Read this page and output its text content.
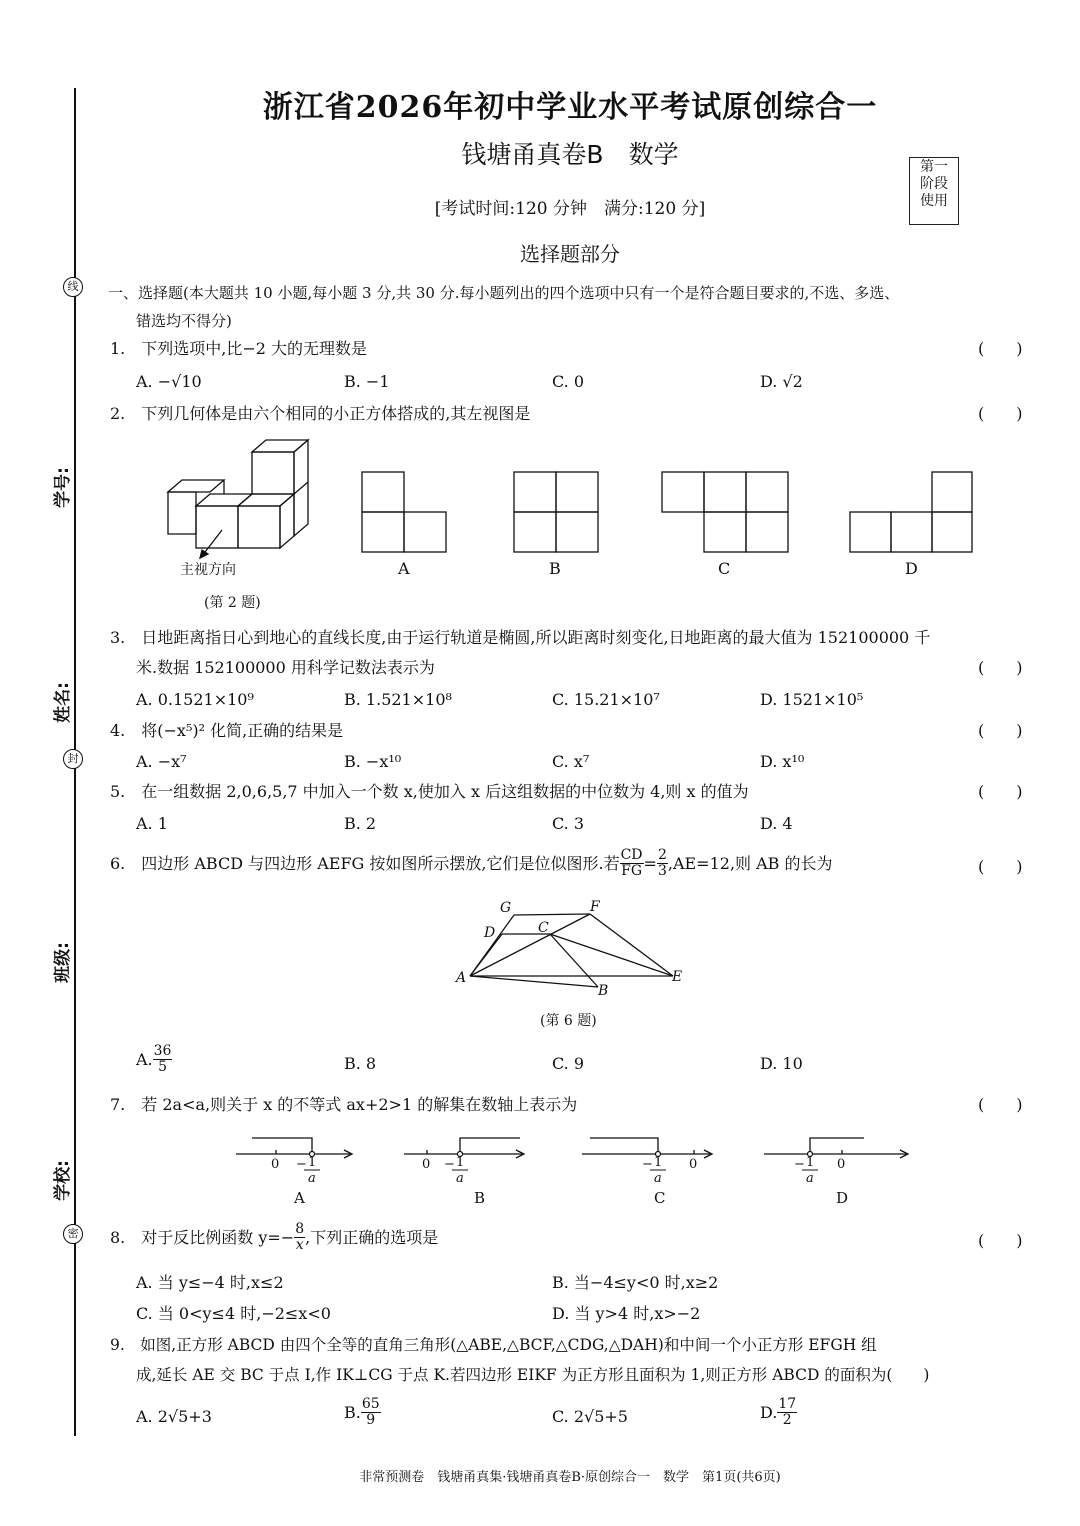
线
封
密
学号:
姓名:
班级:
学校:
浙江省2026年初中学业水平考试原创综合一
钱塘甬真卷B　数学
[考试时间:120 分钟　满分:120 分]
第一
阶段
使用
选择题部分
一、选择题(本大题共 10 小题,每小题 3 分,共 30 分.每小题列出的四个选项中只有一个是符合题目要求的,不选、多选、
错选均不得分)
1.　下列选项中,比−2 大的无理数是	(　　)
A. −√10	B. −1	C. 0	D. √2
2.　下列几何体是由六个相同的小正方体搭成的,其左视图是	(　　)
主视方向
(第 2 题)
A	B	C	D
3.　日地距离指日心到地心的直线长度,由于运行轨道是椭圆,所以距离时刻变化,日地距离的最大值为 152100000 千
米.数据 152100000 用科学记数法表示为	(　　)
A. 0.1521×10⁹	B. 1.521×10⁸	C. 15.21×10⁷	D. 1521×10⁵
4.　将(−x⁵)² 化简,正确的结果是	(　　)
A. −x⁷	B. −x¹⁰	C. x⁷	D. x¹⁰
5.　在一组数据 2,0,6,5,7 中加入一个数 x,使加入 x 后这组数据的中位数为 4,则 x 的值为	(　　)
A. 1	B. 2	C. 3	D. 4
6.　四边形 ABCD 与四边形 AEFG 按如图所示摆放,它们是位似图形.若 $\frac{CD}{FG} = \frac{2}{3} ,AE=12$,则 AB 的长为	(　　)
G	F
D	C
A
B
E
(第 6 题)
A. $\frac{36}{5}$	B. 8	C. 9	D. 10
7.　若 2a<a,则关于 x 的不等式 ax+2>1 的解集在数轴上表示为	(　　)
0 − 1
a
0 − 1
a
− 1
a
0	− 1
a
0
A	B	C	D
8.　对于反比例函数 $y=- \frac{8}{x}$ ,下列正确的选项是	(　　)
A. 当 y≤−4 时,x≤2	B. 当−4≤y<0 时,x≥2
C. 当 0<y≤4 时,−2≤x<0	D. 当 y>4 时,x>−2
9.　如图,正方形 ABCD 由四个全等的直角三角形(△ABE,△BCF,△CDG,△DAH)和中间一个小正方形 EFGH 组
成,延长 AE 交 BC 于点 I,作 IK⊥CG 于点 K.若四边形 EIKF 为正方形且面积为 1,则正方形 ABCD 的面积为(　　)
A. 2√5+3	B. $\frac{65}{9}$	C. 2√5+5	D. $\frac{17}{2}$
非常预测卷　钱塘甬真集·钱塘甬真卷B·原创综合一　数学　第1页(共6页)
